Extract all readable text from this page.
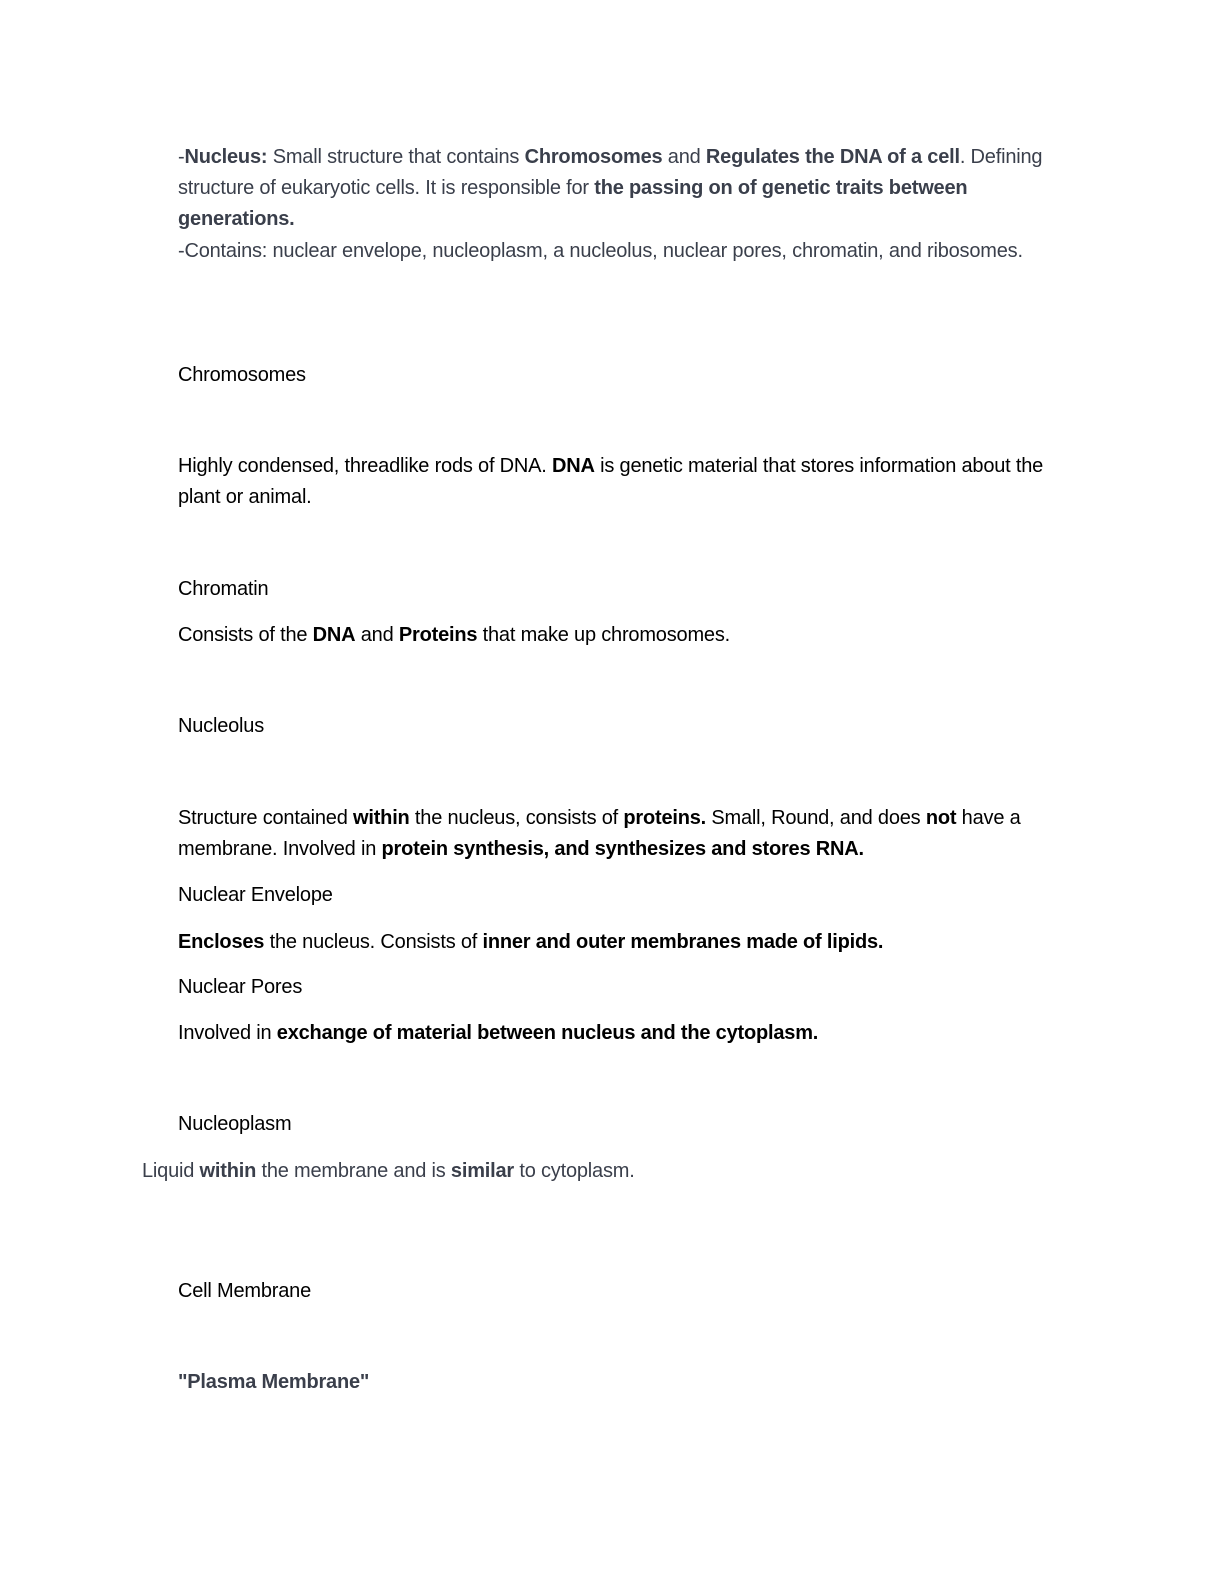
-Nucleus: Small structure that contains Chromosomes and Regulates the DNA of a cell. Defining structure of eukaryotic cells. It is responsible for the passing on of genetic traits between generations.
-Contains: nuclear envelope, nucleoplasm, a nucleolus, nuclear pores, chromatin, and ribosomes.
Chromosomes
Highly condensed, threadlike rods of DNA. DNA is genetic material that stores information about the plant or animal.
Chromatin
Consists of the DNA and Proteins that make up chromosomes.
Nucleolus
Structure contained within the nucleus, consists of proteins. Small, Round, and does not have a membrane. Involved in protein synthesis, and synthesizes and stores RNA.
Nuclear Envelope
Encloses the nucleus. Consists of inner and outer membranes made of lipids.
Nuclear Pores
Involved in exchange of material between nucleus and the cytoplasm.
Nucleoplasm
Liquid within the membrane and is similar to cytoplasm.
Cell Membrane
"Plasma Membrane"
